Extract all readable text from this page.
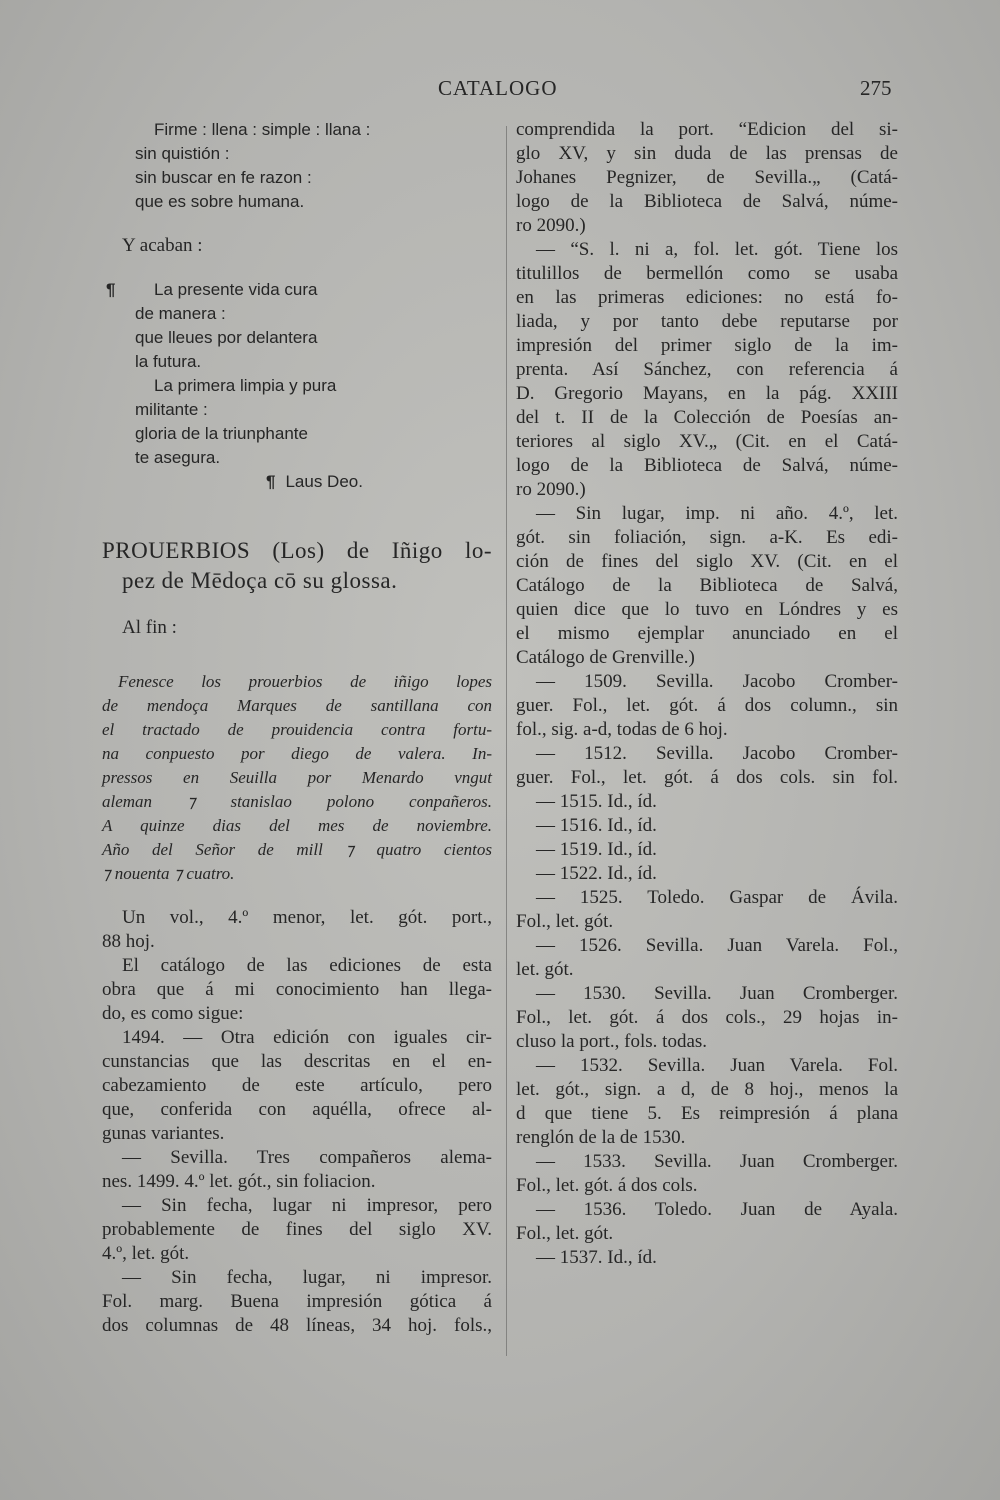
CATALOGO	275
Firme : llena : simple : llana :
sin quistión :
sin buscar en fe razon :
que es sobre humana.
Y acaban :
¶ La presente vida cura
de manera :
que lleues por delantera
la futura.
La primera limpia y pura
militante :
gloria de la triunphante
te asegura.
¶ Laus Deo.
PROUERBIOS (Los) de Iñigo lo-
pez de Mēdoça cō su glossa.
Al fin :
Fenesce los prouerbios de iñigo lopes
de mendoça Marques de santillana con
el tractado de prouidencia contra fortu-
na conpuesto por diego de valera. In-
pressos en Seuilla por Menardo vngut
aleman ⁊ stanislao polono conpañeros.
A quinze dias del mes de noviembre.
Año del Señor de mill ⁊ quatro cientos
⁊ nouenta ⁊ cuatro.
Un vol., 4.º menor, let. gót. port.,
88 hoj.
El catálogo de las ediciones de esta
obra que á mi conocimiento han llega-
do, es como sigue:
1494. — Otra edición con iguales cir-
cunstancias que las descritas en el en-
cabezamiento de este artículo, pero
que, conferida con aquélla, ofrece al-
gunas variantes.
— Sevilla. Tres compañeros alema-
nes. 1499. 4.º let. gót., sin foliacion.
— Sin fecha, lugar ni impresor, pero
probablemente de fines del siglo XV.
4.º, let. gót.
— Sin fecha, lugar, ni impresor.
Fol. marg. Buena impresión gótica á
dos columnas de 48 líneas, 34 hoj. fols.,
comprendida la port. “Edicion del si-
glo XV, y sin duda de las prensas de
Johanes Pegnizer, de Sevilla.„ (Catá-
logo de la Biblioteca de Salvá, núme-
ro 2090.)
— “S. l. ni a, fol. let. gót. Tiene los
titulillos de bermellón como se usaba
en las primeras ediciones: no está fo-
liada, y por tanto debe reputarse por
impresión del primer siglo de la im-
prenta. Así Sánchez, con referencia á
D. Gregorio Mayans, en la pág. XXIII
del t. II de la Colección de Poesías an-
teriores al siglo XV.„ (Cit. en el Catá-
logo de la Biblioteca de Salvá, núme-
ro 2090.)
— Sin lugar, imp. ni año. 4.º, let.
gót. sin foliación, sign. a-K. Es edi-
ción de fines del siglo XV. (Cit. en el
Catálogo de la Biblioteca de Salvá,
quien dice que lo tuvo en Lóndres y es
el mismo ejemplar anunciado en el
Catálogo de Grenville.)
— 1509. Sevilla. Jacobo Cromber-
guer. Fol., let. gót. á dos column., sin
fol., sig. a-d, todas de 6 hoj.
— 1512. Sevilla. Jacobo Cromber-
guer. Fol., let. gót. á dos cols. sin fol.
— 1515. Id., íd.
— 1516. Id., íd.
— 1519. Id., íd.
— 1522. Id., íd.
— 1525. Toledo. Gaspar de Ávila.
Fol., let. gót.
— 1526. Sevilla. Juan Varela. Fol.,
let. gót.
— 1530. Sevilla. Juan Cromberger.
Fol., let. gót. á dos cols., 29 hojas in-
cluso la port., fols. todas.
— 1532. Sevilla. Juan Varela. Fol.
let. gót., sign. a d, de 8 hoj., menos la
d que tiene 5. Es reimpresión á plana
renglón de la de 1530.
— 1533. Sevilla. Juan Cromberger.
Fol., let. gót. á dos cols.
— 1536. Toledo. Juan de Ayala.
Fol., let. gót.
— 1537. Id., íd.
